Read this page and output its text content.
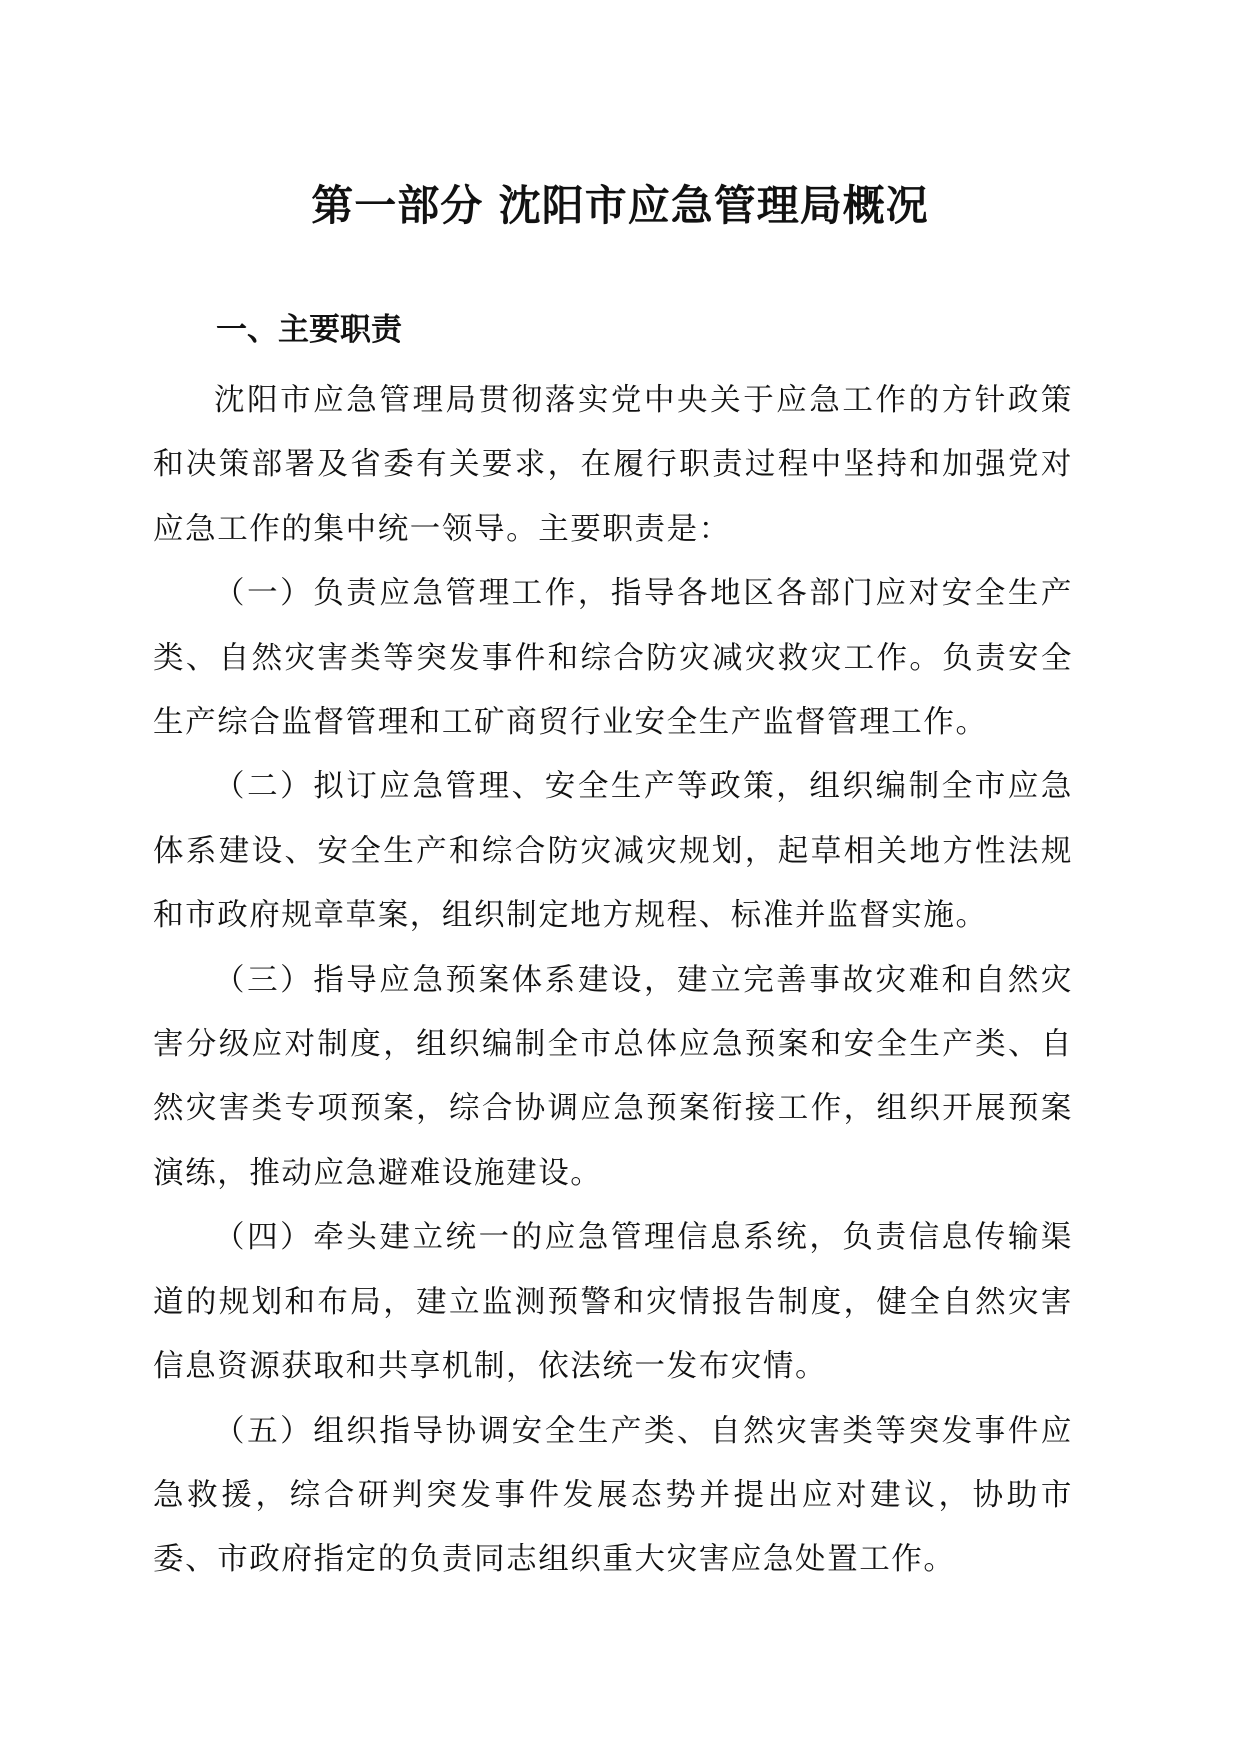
第一部分 沈阳市应急管理局概况
一、主要职责

沈阳市应急管理局贯彻落实党中央关于应急工作的方针政策和决策部署及省委有关要求，在履行职责过程中坚持和加强党对应急工作的集中统一领导。主要职责是：

（一）负责应急管理工作，指导各地区各部门应对安全生产类、自然灾害类等突发事件和综合防灾减灾救灾工作。负责安全生产综合监督管理和工矿商贸行业安全生产监督管理工作。

（二）拟订应急管理、安全生产等政策，组织编制全市应急体系建设、安全生产和综合防灾减灾规划，起草相关地方性法规和市政府规章草案，组织制定地方规程、标准并监督实施。

（三）指导应急预案体系建设，建立完善事故灾难和自然灾害分级应对制度，组织编制全市总体应急预案和安全生产类、自然灾害类专项预案，综合协调应急预案衔接工作，组织开展预案演练，推动应急避难设施建设。

（四）牵头建立统一的应急管理信息系统，负责信息传输渠道的规划和布局，建立监测预警和灾情报告制度，健全自然灾害信息资源获取和共享机制，依法统一发布灾情。

（五）组织指导协调安全生产类、自然灾害类等突发事件应急救援，综合研判突发事件发展态势并提出应对建议，协助市委、市政府指定的负责同志组织重大灾害应急处置工作。
